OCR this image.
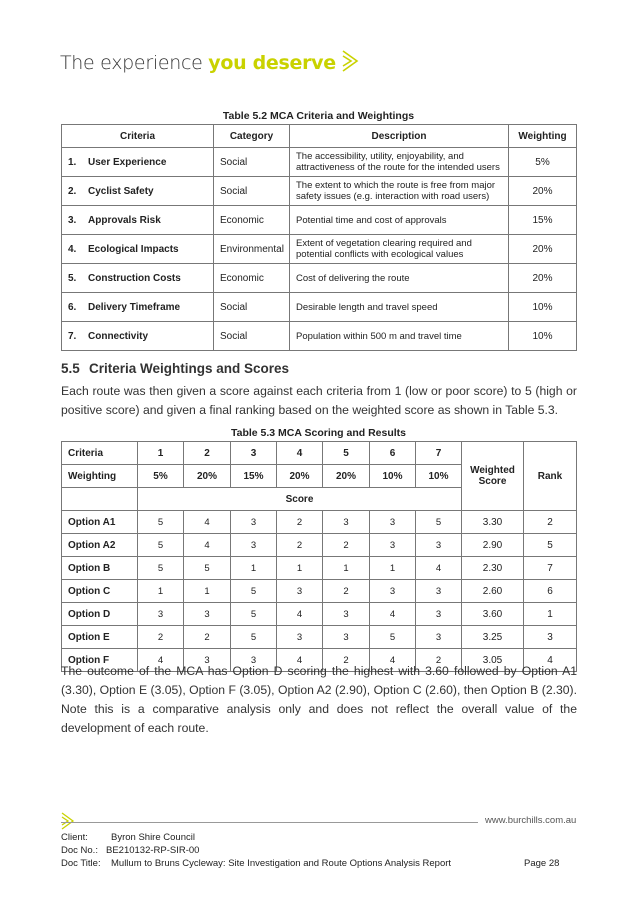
The experience you deserve
Table 5.2 MCA Criteria and Weightings
Criteria	Category	Description	Weighting
1. User Experience	Social	The accessibility, utility, enjoyability, and attractiveness of the route for the intended users	5%
2. Cyclist Safety	Social	The extent to which the route is free from major safety issues (e.g. interaction with road users)	20%
3. Approvals Risk	Economic	Potential time and cost of approvals	15%
4. Ecological Impacts	Environmental	Extent of vegetation clearing required and potential conflicts with ecological values	20%
5. Construction Costs	Economic	Cost of delivering the route	20%
6. Delivery Timeframe	Social	Desirable length and travel speed	10%
7. Connectivity	Social	Population within 500 m and travel time	10%
5.5 Criteria Weightings and Scores
Each route was then given a score against each criteria from 1 (low or poor score) to 5 (high or positive score) and given a final ranking based on the weighted score as shown in Table 5.3.
Table 5.3 MCA Scoring and Results
Criteria	1	2	3	4	5	6	7	Weighted Score	Rank
Weighting	5%	20%	15%	20%	20%	10%	10%		
	Score								
Option A1	5	4	3	2	3	3	5	3.30	2
Option A2	5	4	3	2	2	3	3	2.90	5
Option B	5	5	1	1	1	1	4	2.30	7
Option C	1	1	5	3	2	3	3	2.60	6
Option D	3	3	5	4	3	4	3	3.60	1
Option E	2	2	5	3	3	5	3	3.25	3
Option F	4	3	3	4	2	4	2	3.05	4
The outcome of the MCA has Option D scoring the highest with 3.60 followed by Option A1 (3.30), Option E (3.05), Option F (3.05), Option A2 (2.90), Option C (2.60), then Option B (2.30). Note this is a comparative analysis only and does not reflect the overall value of the development of each route.
www.burchills.com.au
Client: Byron Shire Council
Doc No.: BE210132-RP-SIR-00
Doc Title: Mullum to Bruns Cycleway: Site Investigation and Route Options Analysis Report	Page 28
